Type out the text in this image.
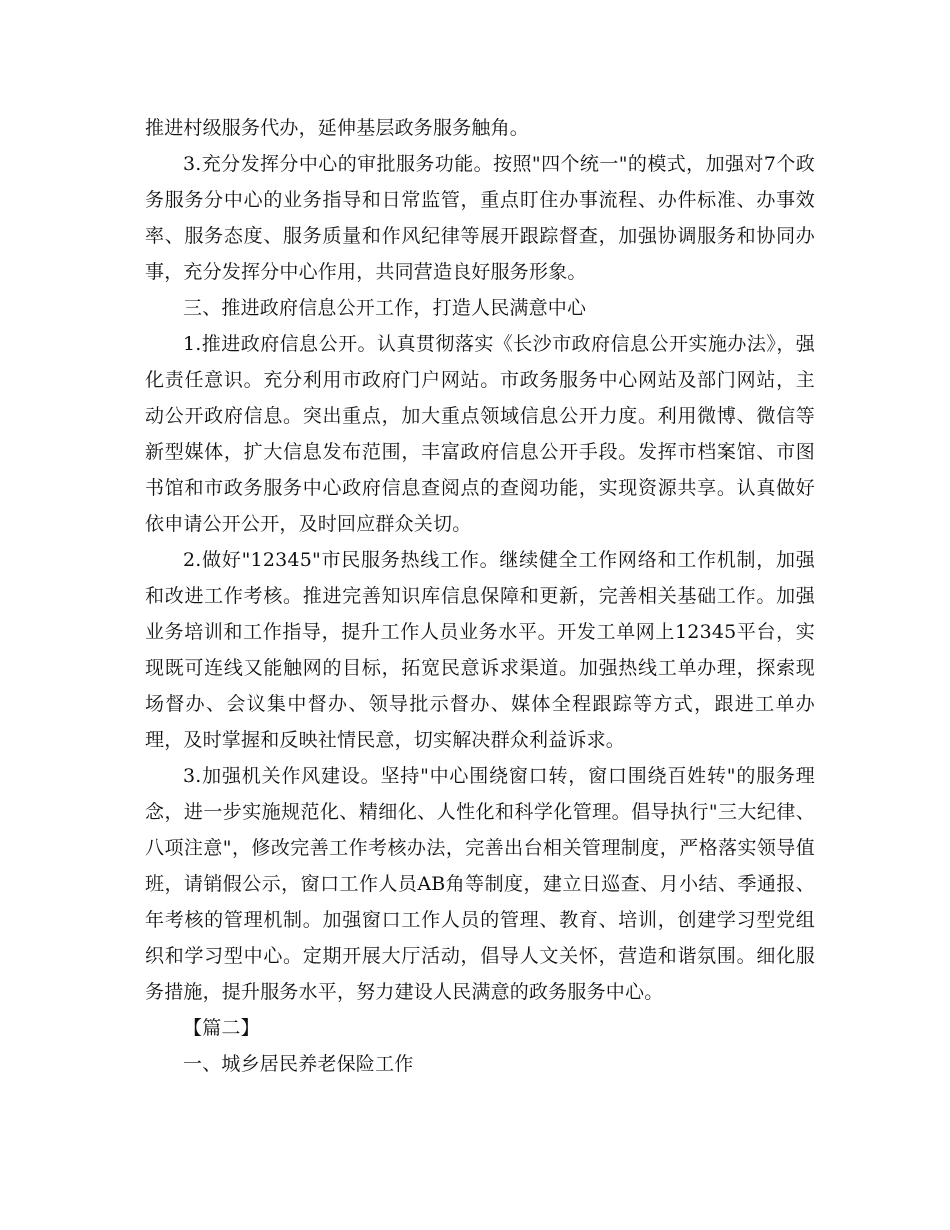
推进村级服务代办，延伸基层政务服务触角。

3.充分发挥分中心的审批服务功能。按照"四个统一"的模式，加强对7个政务服务分中心的业务指导和日常监管，重点盯住办事流程、办件标准、办事效率、服务态度、服务质量和作风纪律等展开跟踪督查，加强协调服务和协同办事，充分发挥分中心作用，共同营造良好服务形象。

三、推进政府信息公开工作，打造人民满意中心

1.推进政府信息公开。认真贯彻落实《长沙市政府信息公开实施办法》，强化责任意识。充分利用市政府门户网站。市政务服务中心网站及部门网站，主动公开政府信息。突出重点，加大重点领域信息公开力度。利用微博、微信等新型媒体，扩大信息发布范围，丰富政府信息公开手段。发挥市档案馆、市图书馆和市政务服务中心政府信息查阅点的查阅功能，实现资源共享。认真做好依申请公开公开，及时回应群众关切。

2.做好"12345"市民服务热线工作。继续健全工作网络和工作机制，加强和改进工作考核。推进完善知识库信息保障和更新，完善相关基础工作。加强业务培训和工作指导，提升工作人员业务水平。开发工单网上12345平台，实现既可连线又能触网的目标，拓宽民意诉求渠道。加强热线工单办理，探索现场督办、会议集中督办、领导批示督办、媒体全程跟踪等方式，跟进工单办理，及时掌握和反映社情民意，切实解决群众利益诉求。

3.加强机关作风建设。坚持"中心围绕窗口转，窗口围绕百姓转"的服务理念，进一步实施规范化、精细化、人性化和科学化管理。倡导执行"三大纪律、八项注意"，修改完善工作考核办法，完善出台相关管理制度，严格落实领导值班，请销假公示，窗口工作人员AB角等制度，建立日巡查、月小结、季通报、年考核的管理机制。加强窗口工作人员的管理、教育、培训，创建学习型党组织和学习型中心。定期开展大厅活动，倡导人文关怀，营造和谐氛围。细化服务措施，提升服务水平，努力建设人民满意的政务服务中心。

【篇二】

一、城乡居民养老保险工作
